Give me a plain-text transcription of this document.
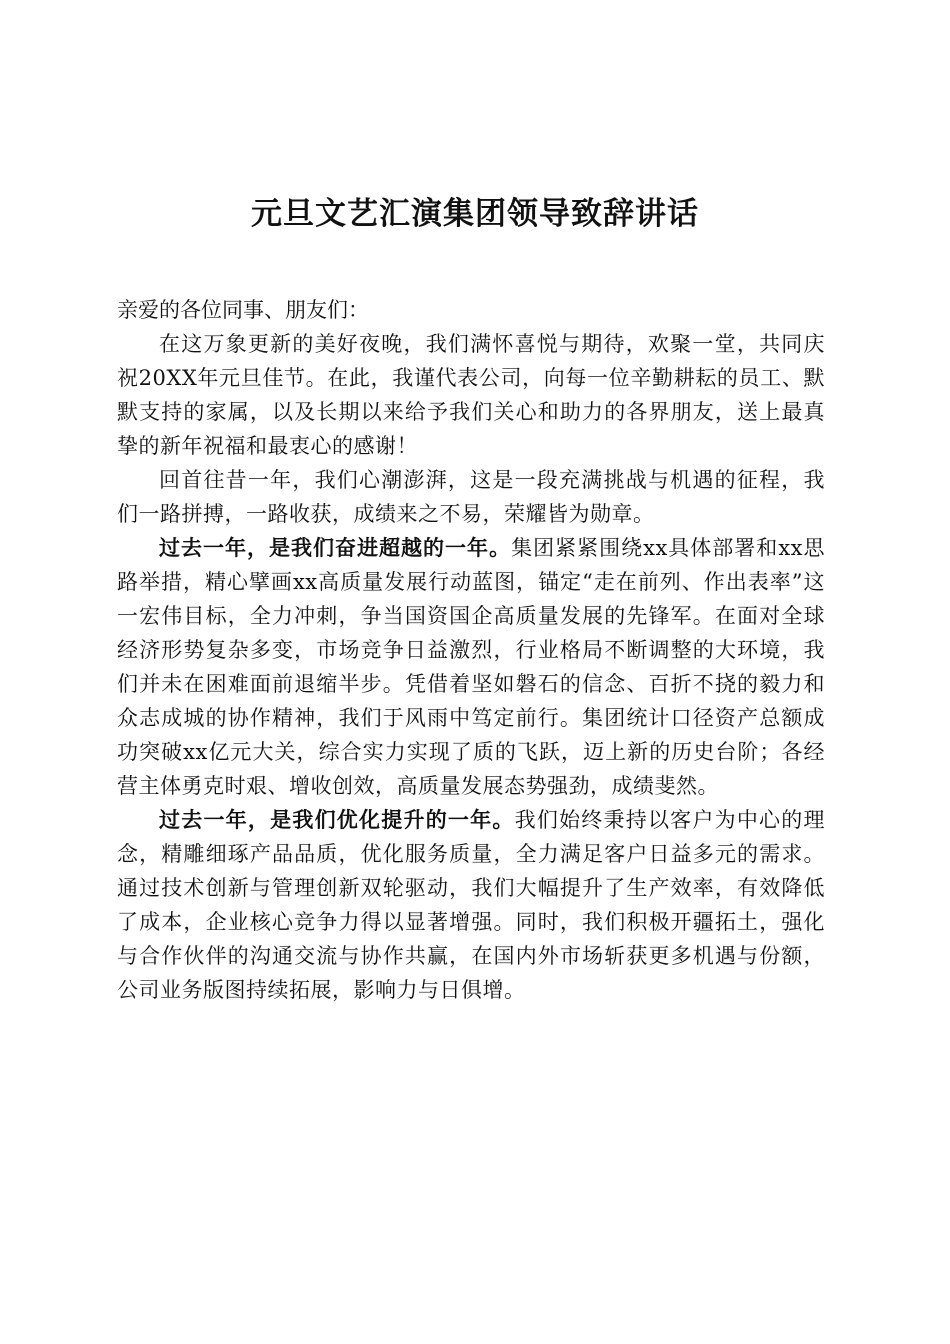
元旦文艺汇演集团领导致辞讲话

亲爱的各位同事、朋友们：

在这万象更新的美好夜晚，我们满怀喜悦与期待，欢聚一堂，共同庆祝20XX年元旦佳节。在此，我谨代表公司，向每一位辛勤耕耘的员工、默默支持的家属，以及长期以来给予我们关心和助力的各界朋友，送上最真挚的新年祝福和最衷心的感谢！

回首往昔一年，我们心潮澎湃，这是一段充满挑战与机遇的征程，我们一路拼搏，一路收获，成绩来之不易，荣耀皆为勋章。

过去一年，是我们奋进超越的一年。集团紧紧围绕xx具体部署和xx思路举措，精心擘画xx高质量发展行动蓝图，锚定“走在前列、作出表率”这一宏伟目标，全力冲刺，争当国资国企高质量发展的先锋军。在面对全球经济形势复杂多变，市场竞争日益激烈，行业格局不断调整的大环境，我们并未在困难面前退缩半步。凭借着坚如磐石的信念、百折不挠的毅力和众志成城的协作精神，我们于风雨中笃定前行。集团统计口径资产总额成功突破xx亿元大关，综合实力实现了质的飞跃，迈上新的历史台阶；各经营主体勇克时艰、增收创效，高质量发展态势强劲，成绩斐然。

过去一年，是我们优化提升的一年。我们始终秉持以客户为中心的理念，精雕细琢产品品质，优化服务质量，全力满足客户日益多元的需求。通过技术创新与管理创新双轮驱动，我们大幅提升了生产效率，有效降低了成本，企业核心竞争力得以显著增强。同时，我们积极开疆拓土，强化与合作伙伴的沟通交流与协作共赢，在国内外市场斩获更多机遇与份额，公司业务版图持续拓展，影响力与日俱增。
